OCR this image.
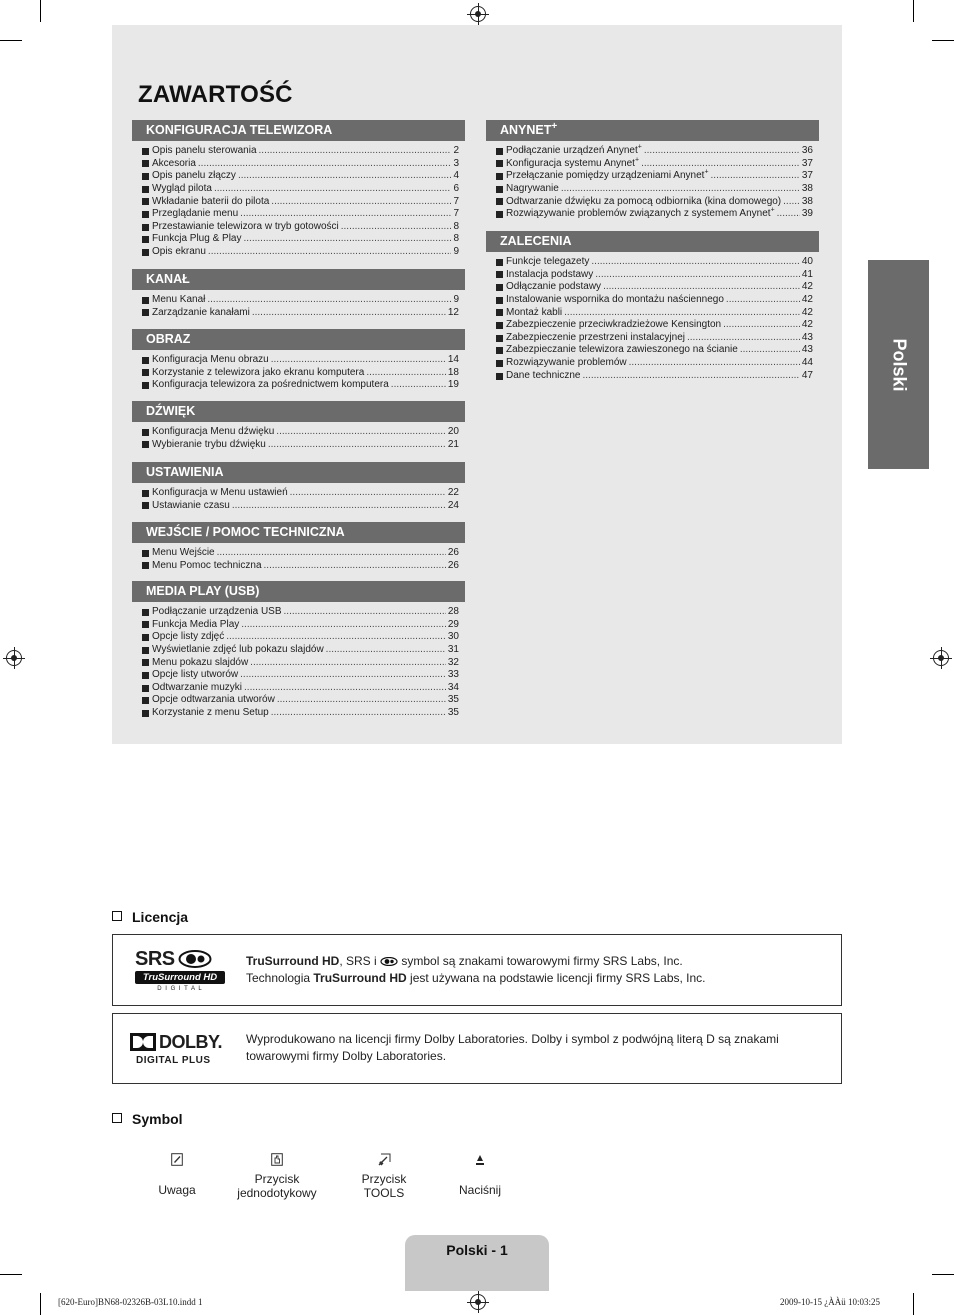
ZAWARTOŚĆ
Polski
KONFIGURACJA TELEWIZORA
Opis panelu sterowania .....	2
Akcesoria .....	3
Opis panelu złączy .....	4
Wygląd pilota .....	6
Wkładanie baterii do pilota .....	7
Przeglądanie menu .....	7
Przestawianie telewizora w tryb gotowości .....	8
Funkcja Plug & Play .....	8
Opis ekranu .....	9
KANAŁ
Menu Kanał .....	9
Zarządzanie kanałami .....	12
OBRAZ
Konfiguracja Menu obrazu .....	14
Korzystanie z telewizora jako ekranu komputera .....	18
Konfiguracja telewizora za pośrednictwem komputera .....	19
DŹWIĘK
Konfiguracja Menu dźwięku .....	20
Wybieranie trybu dźwięku .....	21
USTAWIENIA
Konfiguracja w Menu ustawień .....	22
Ustawianie czasu .....	24
WEJŚCIE / POMOC TECHNICZNA
Menu Wejście .....	26
Menu Pomoc techniczna .....	26
MEDIA PLAY (USB)
Podłączanie urządzenia USB .....	28
Funkcja Media Play .....	29
Opcje listy zdjęć .....	30
Wyświetlanie zdjęć lub pokazu slajdów .....	31
Menu pokazu slajdów .....	32
Opcje listy utworów .....	33
Odtwarzanie muzyki .....	34
Opcje odtwarzania utworów .....	35
Korzystanie z menu Setup .....	35
ANYNET+
Podłączanie urządzeń Anynet+ .....	36
Konfiguracja systemu Anynet+ .....	37
Przełączanie pomiędzy urządzeniami Anynet+ .....	37
Nagrywanie .....	38
Odtwarzanie dźwięku za pomocą odbiornika (kina domowego) ..... 38
Rozwiązywanie problemów związanych z systemem Anynet+ .....	39
ZALECENIA
Funkcje telegazety .....	40
Instalacja podstawy .....	41
Odłączanie podstawy .....	42
Instalowanie wspornika do montażu naściennego .....	42
Montaż kabli .....	42
Zabezpieczenie przeciwkradzieżowe Kensington .....	42
Zabezpieczenie przestrzeni instalacyjnej .....	43
Zabezpieczanie telewizora zawieszonego na ścianie .....	43
Rozwiązywanie problemów .....	44
Dane techniczne .....	47
Licencja
SRS
TruSurround HD
D I G I T A L
TruSurround HD, SRS i  symbol są znakami towarowymi firmy SRS Labs, Inc.
Technologia TruSurround HD jest używana na podstawie licencji firmy SRS Labs, Inc.
DOLBY.
DIGITAL PLUS
Wyprodukowano na licencji firmy Dolby Laboratories. Dolby i symbol z podwójną literą D są znakami towarowymi firmy Dolby Laboratories.
Symbol
Uwaga
Przycisk
jednodotykowy
Przycisk
TOOLS	Naciśnij
Polski - 1
[620-Euro]BN68-02326B-03L10.indd 1	2009-10-15 ¿ÀÀü 10:03:25
